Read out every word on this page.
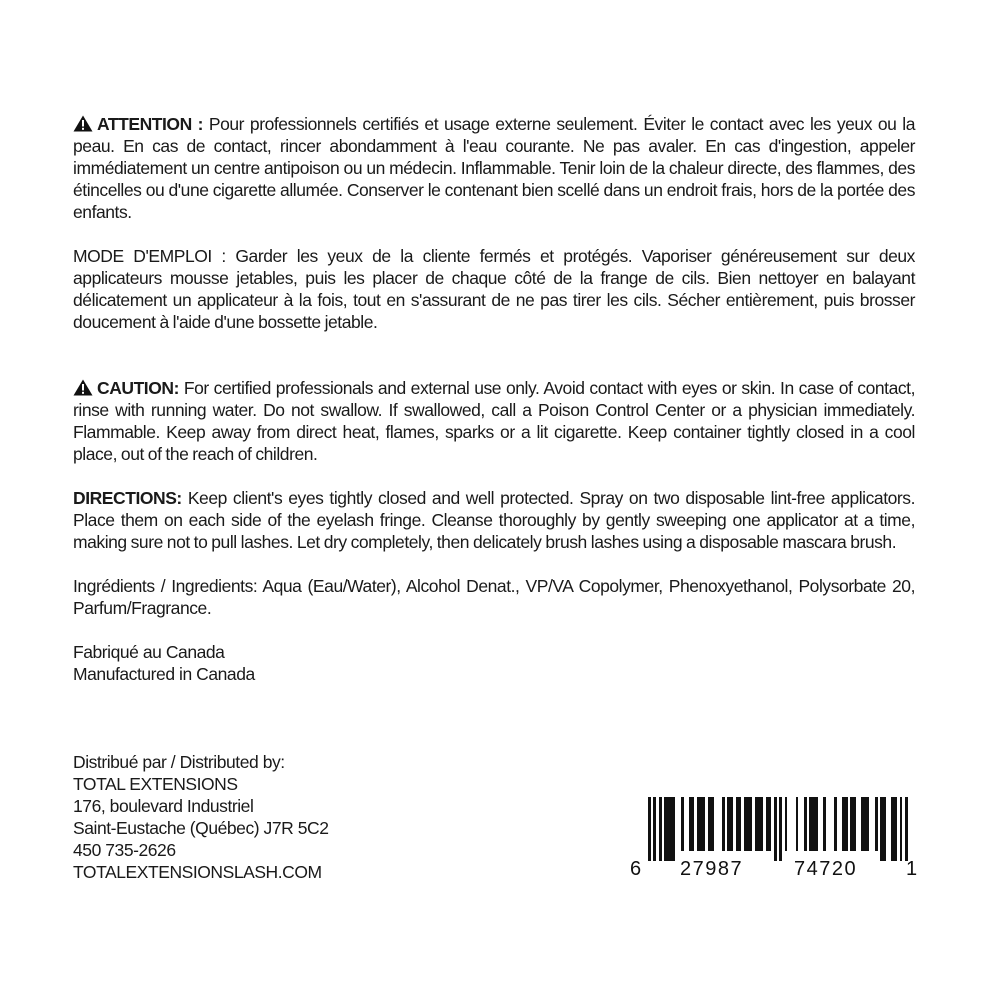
ATTENTION : Pour professionnels certifiés et usage externe seulement. Éviter le contact avec les yeux ou la peau. En cas de contact, rincer abondamment à l'eau courante. Ne pas avaler. En cas d'ingestion, appeler immédiatement un centre antipoison ou un médecin. Inflammable. Tenir loin de la chaleur directe, des flammes, des étincelles ou d'une cigarette allumée. Conserver le contenant bien scellé dans un endroit frais, hors de la portée des enfants.

MODE D'EMPLOI : Garder les yeux de la cliente fermés et protégés. Vaporiser généreusement sur deux applicateurs mousse jetables, puis les placer de chaque côté de la frange de cils. Bien nettoyer en balayant délicatement un applicateur à la fois, tout en s'assurant de ne pas tirer les cils. Sécher entièrement, puis brosser doucement à l'aide d'une bossette jetable.

CAUTION: For certified professionals and external use only. Avoid contact with eyes or skin. In case of contact, rinse with running water. Do not swallow. If swallowed, call a Poison Control Center or a physician immediately. Flammable. Keep away from direct heat, flames, sparks or a lit cigarette. Keep container tightly closed in a cool place, out of the reach of children.

DIRECTIONS: Keep client's eyes tightly closed and well protected. Spray on two disposable lint-free applicators. Place them on each side of the eyelash fringe. Cleanse thoroughly by gently sweeping one applicator at a time, making sure not to pull lashes. Let dry completely, then delicately brush lashes using a disposable mascara brush.

Ingrédients / Ingredients: Aqua (Eau/Water), Alcohol Denat., VP/VA Copolymer, Phenoxyethanol, Polysorbate 20, Parfum/Fragrance.

Fabriqué au Canada

Manufactured in Canada

Distribué par / Distributed by:
TOTAL EXTENSIONS
176, boulevard Industriel
Saint-Eustache (Québec) J7R 5C2
450 735-2626
TOTALEXTENSIONSLASH.COM	6 27987	74720 1
